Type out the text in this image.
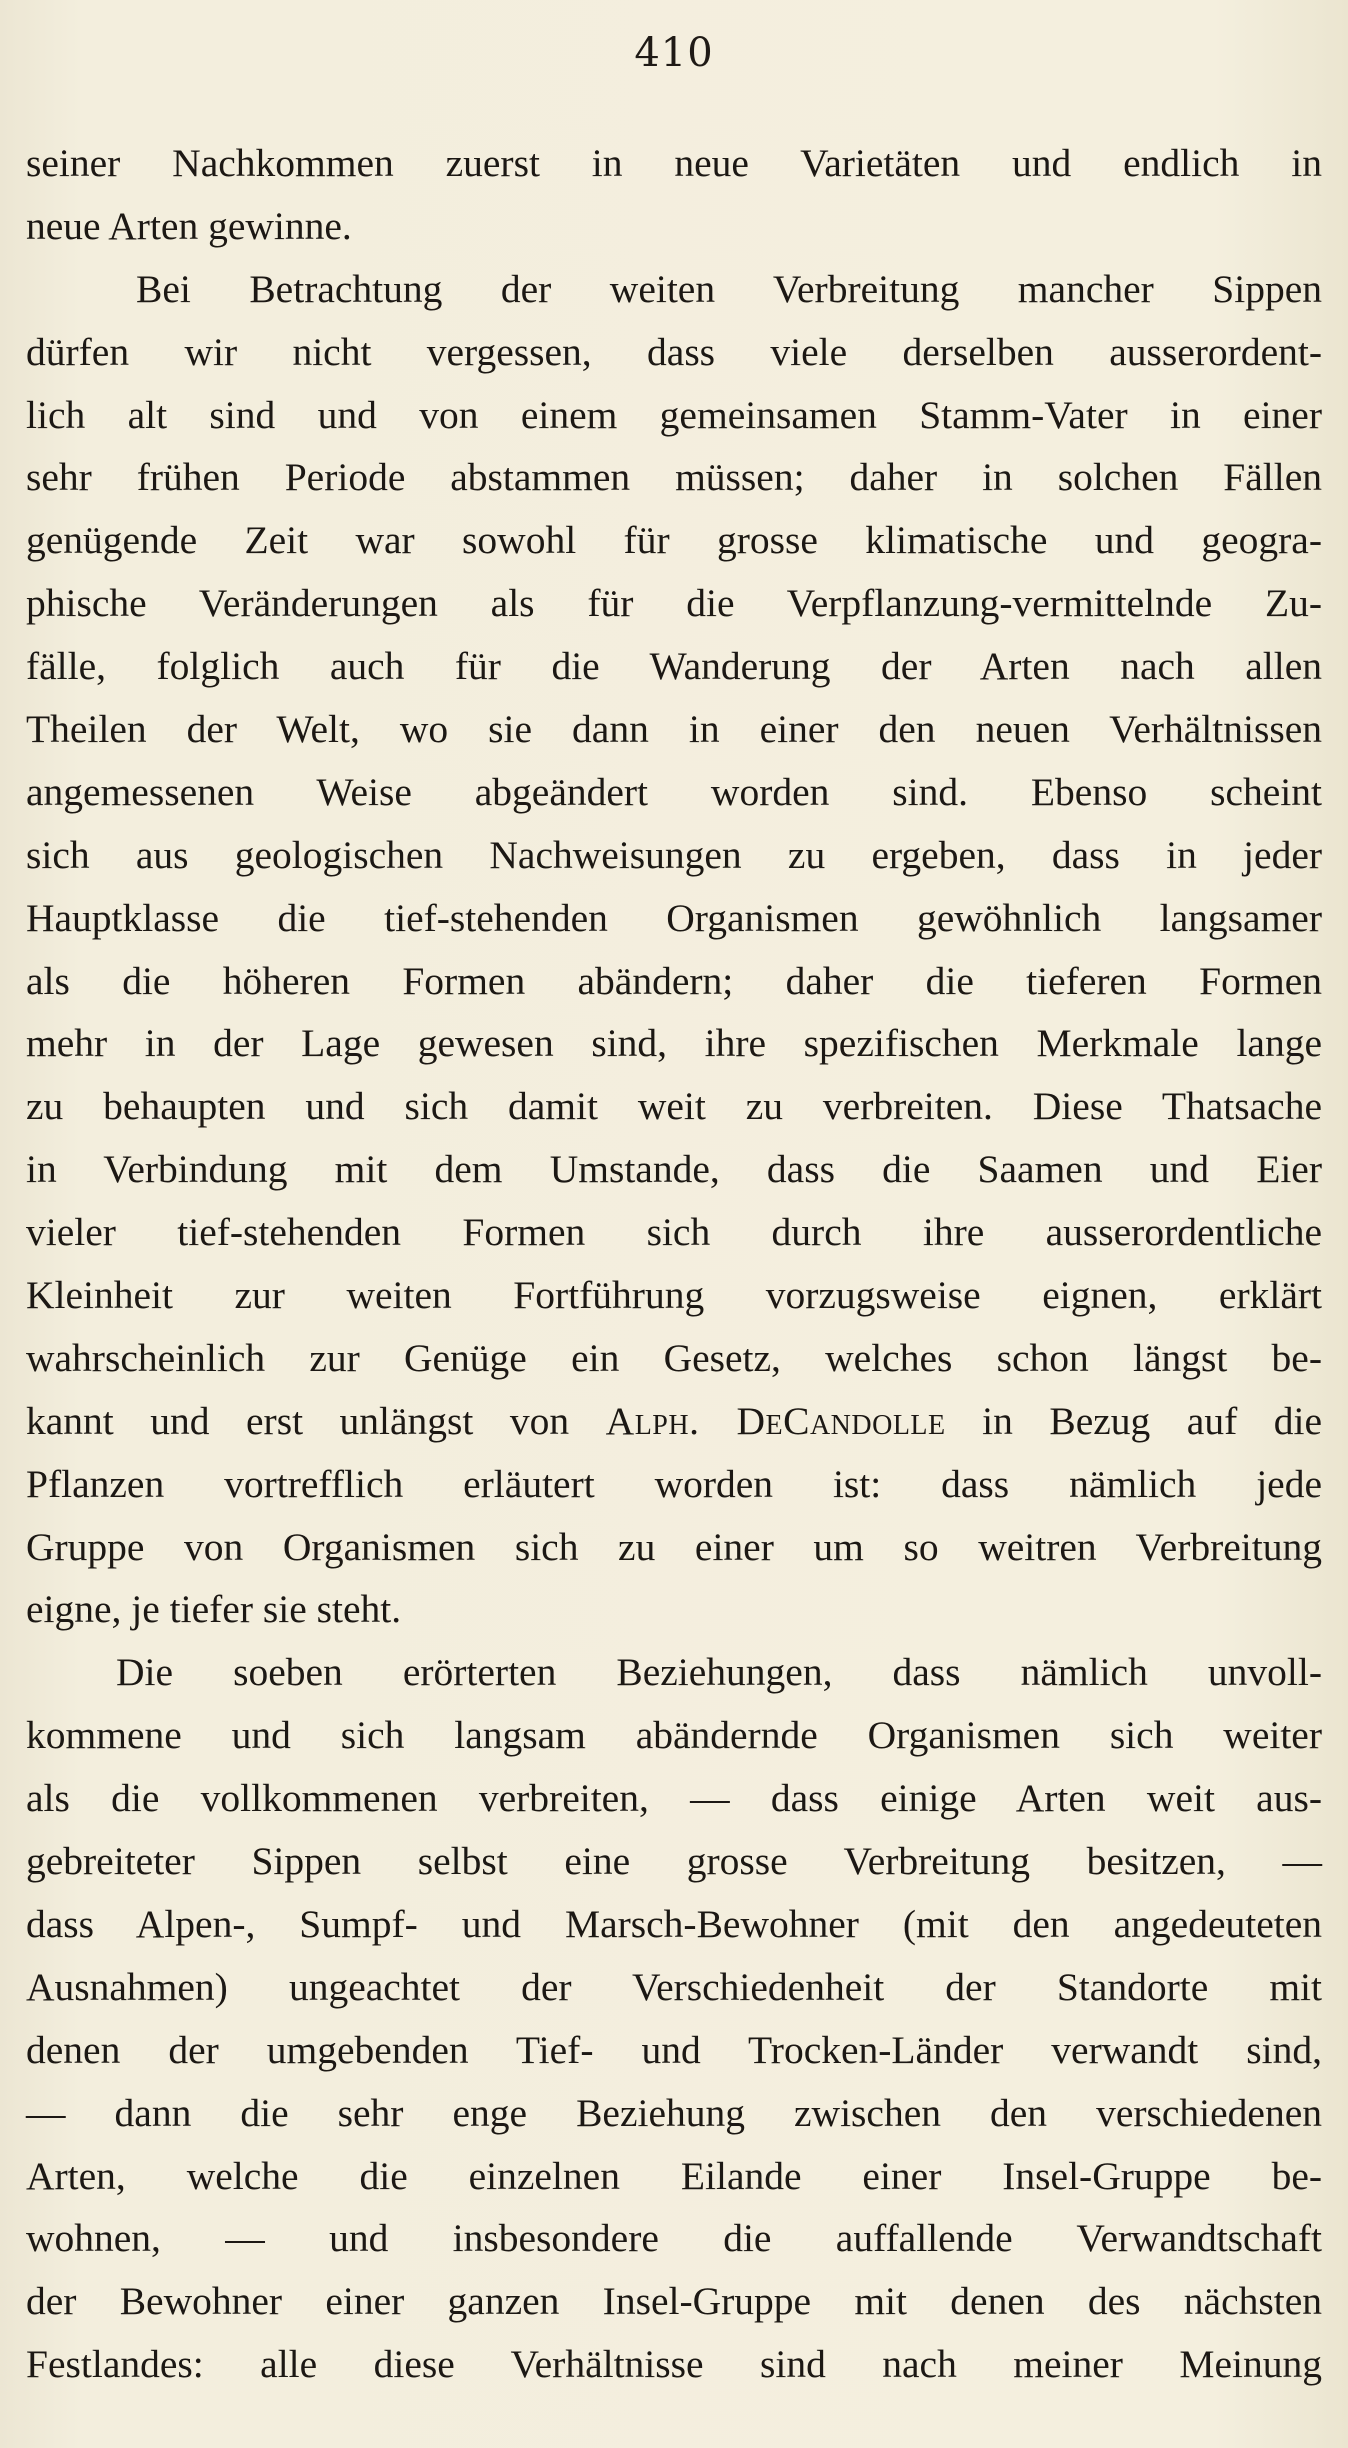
410
seiner Nachkommen zuerst in neue Varietäten und endlich in
neue Arten gewinne.
Bei Betrachtung der weiten Verbreitung mancher Sippen
dürfen wir nicht vergessen, dass viele derselben ausserordent-
lich alt sind und von einem gemeinsamen Stamm-Vater in einer
sehr frühen Periode abstammen müssen; daher in solchen Fällen
genügende Zeit war sowohl für grosse klimatische und geogra-
phische Veränderungen als für die Verpflanzung-vermittelnde Zu-
fälle, folglich auch für die Wanderung der Arten nach allen
Theilen der Welt, wo sie dann in einer den neuen Verhältnissen
angemessenen Weise abgeändert worden sind. Ebenso scheint
sich aus geologischen Nachweisungen zu ergeben, dass in jeder
Hauptklasse die tief-stehenden Organismen gewöhnlich langsamer
als die höheren Formen abändern; daher die tieferen Formen
mehr in der Lage gewesen sind, ihre spezifischen Merkmale lange
zu behaupten und sich damit weit zu verbreiten. Diese Thatsache
in Verbindung mit dem Umstande, dass die Saamen und Eier
vieler tief-stehenden Formen sich durch ihre ausserordentliche
Kleinheit zur weiten Fortführung vorzugsweise eignen, erklärt
wahrscheinlich zur Genüge ein Gesetz, welches schon längst be-
kannt und erst unlängst von Alph. DeCandolle in Bezug auf die
Pflanzen vortrefflich erläutert worden ist: dass nämlich jede
Gruppe von Organismen sich zu einer um so weitren Verbreitung
eigne, je tiefer sie steht.
Die soeben erörterten Beziehungen, dass nämlich unvoll-
kommene und sich langsam abändernde Organismen sich weiter
als die vollkommenen verbreiten, — dass einige Arten weit aus-
gebreiteter Sippen selbst eine grosse Verbreitung besitzen, —
dass Alpen-, Sumpf- und Marsch-Bewohner (mit den angedeuteten
Ausnahmen) ungeachtet der Verschiedenheit der Standorte mit
denen der umgebenden Tief- und Trocken-Länder verwandt sind,
— dann die sehr enge Beziehung zwischen den verschiedenen
Arten, welche die einzelnen Eilande einer Insel-Gruppe be-
wohnen, — und insbesondere die auffallende Verwandtschaft
der Bewohner einer ganzen Insel-Gruppe mit denen des nächsten
Festlandes: alle diese Verhältnisse sind nach meiner Meinung
